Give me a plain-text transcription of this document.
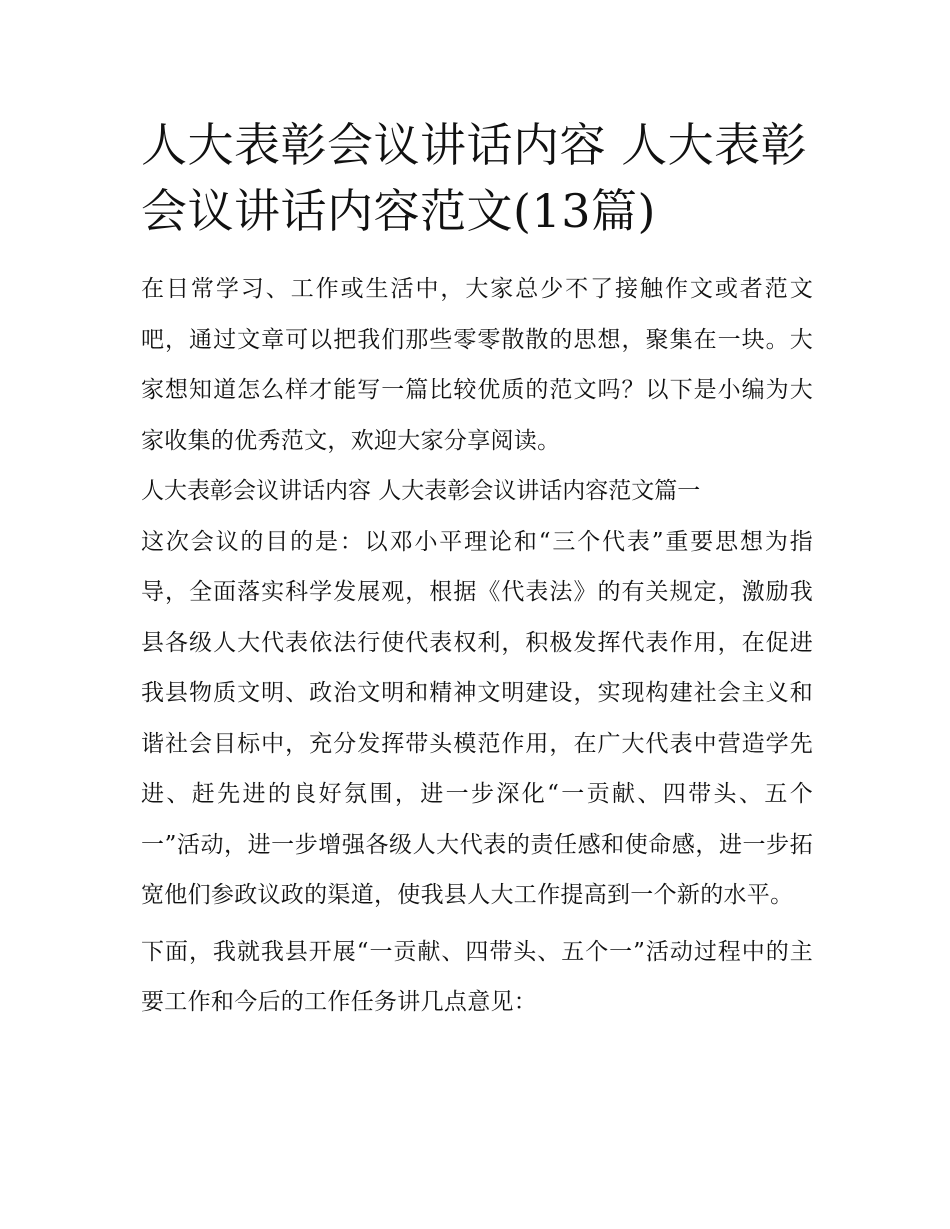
人大表彰会议讲话内容 人大表彰会议讲话内容范文(13篇)

在日常学习、工作或生活中，大家总少不了接触作文或者范文吧，通过文章可以把我们那些零零散散的思想，聚集在一块。大家想知道怎么样才能写一篇比较优质的范文吗？以下是小编为大家收集的优秀范文，欢迎大家分享阅读。

人大表彰会议讲话内容 人大表彰会议讲话内容范文篇一

这次会议的目的是：以邓小平理论和“三个代表”重要思想为指导，全面落实科学发展观，根据《代表法》的有关规定，激励我县各级人大代表依法行使代表权利，积极发挥代表作用，在促进我县物质文明、政治文明和精神文明建设，实现构建社会主义和谐社会目标中，充分发挥带头模范作用，在广大代表中营造学先进、赶先进的良好氛围，进一步深化“一贡献、四带头、五个一”活动，进一步增强各级人大代表的责任感和使命感，进一步拓宽他们参政议政的渠道，使我县人大工作提高到一个新的水平。

下面，我就我县开展“一贡献、四带头、五个一”活动过程中的主要工作和今后的工作任务讲几点意见：
